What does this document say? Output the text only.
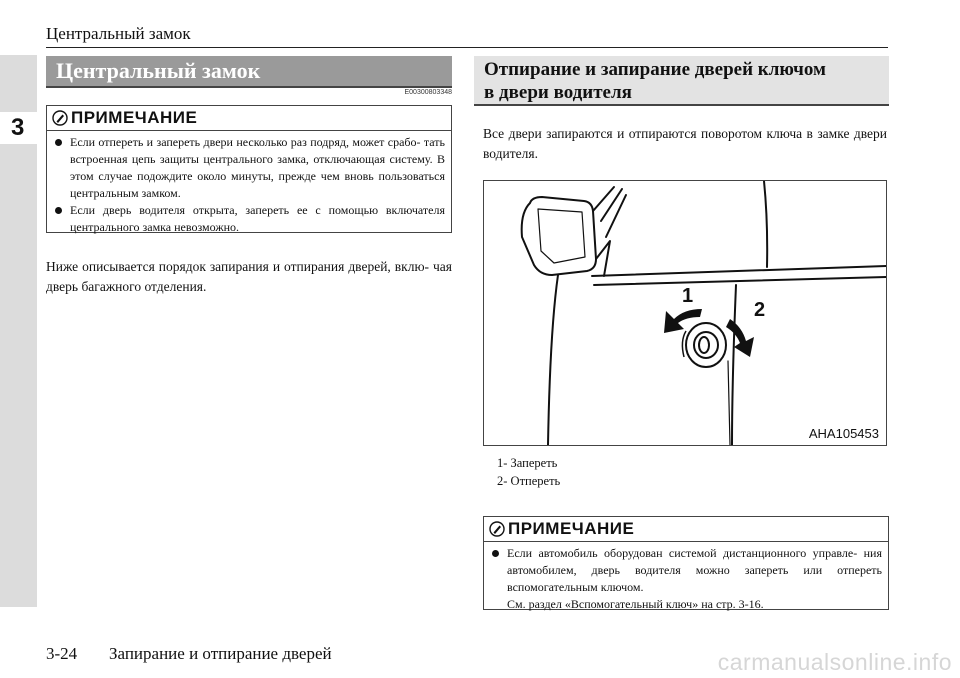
3
Центральный замок
Центральный замок
E00300803348
ПРИМЕЧАНИЕ
Если отпереть и запереть двери несколько раз подряд, может срабо- тать встроенная цепь защиты центрального замка, отключающая систему. В этом случае подождите около минуты, прежде чем вновь пользоваться центральным замком.
Если дверь водителя открыта, запереть ее с помощью включателя центрального замка невозможно.
Ниже описывается порядок запирания и отпирания дверей, вклю- чая дверь багажного отделения.
Отпирание и запирание дверей ключом
в двери водителя
Все двери запираются и отпираются поворотом ключа в замке двери водителя.
1
2
AHA105453
1- Запереть
2- Отпереть
ПРИМЕЧАНИЕ
Если автомобиль оборудован системой дистанционного управле- ния автомобилем, дверь водителя можно запереть или отпереть вспомогательным ключом.
См. раздел «Вспомогательный ключ» на стр. 3-16.
3-24 Запирание и отпирание дверей	carmanualsonline.info
